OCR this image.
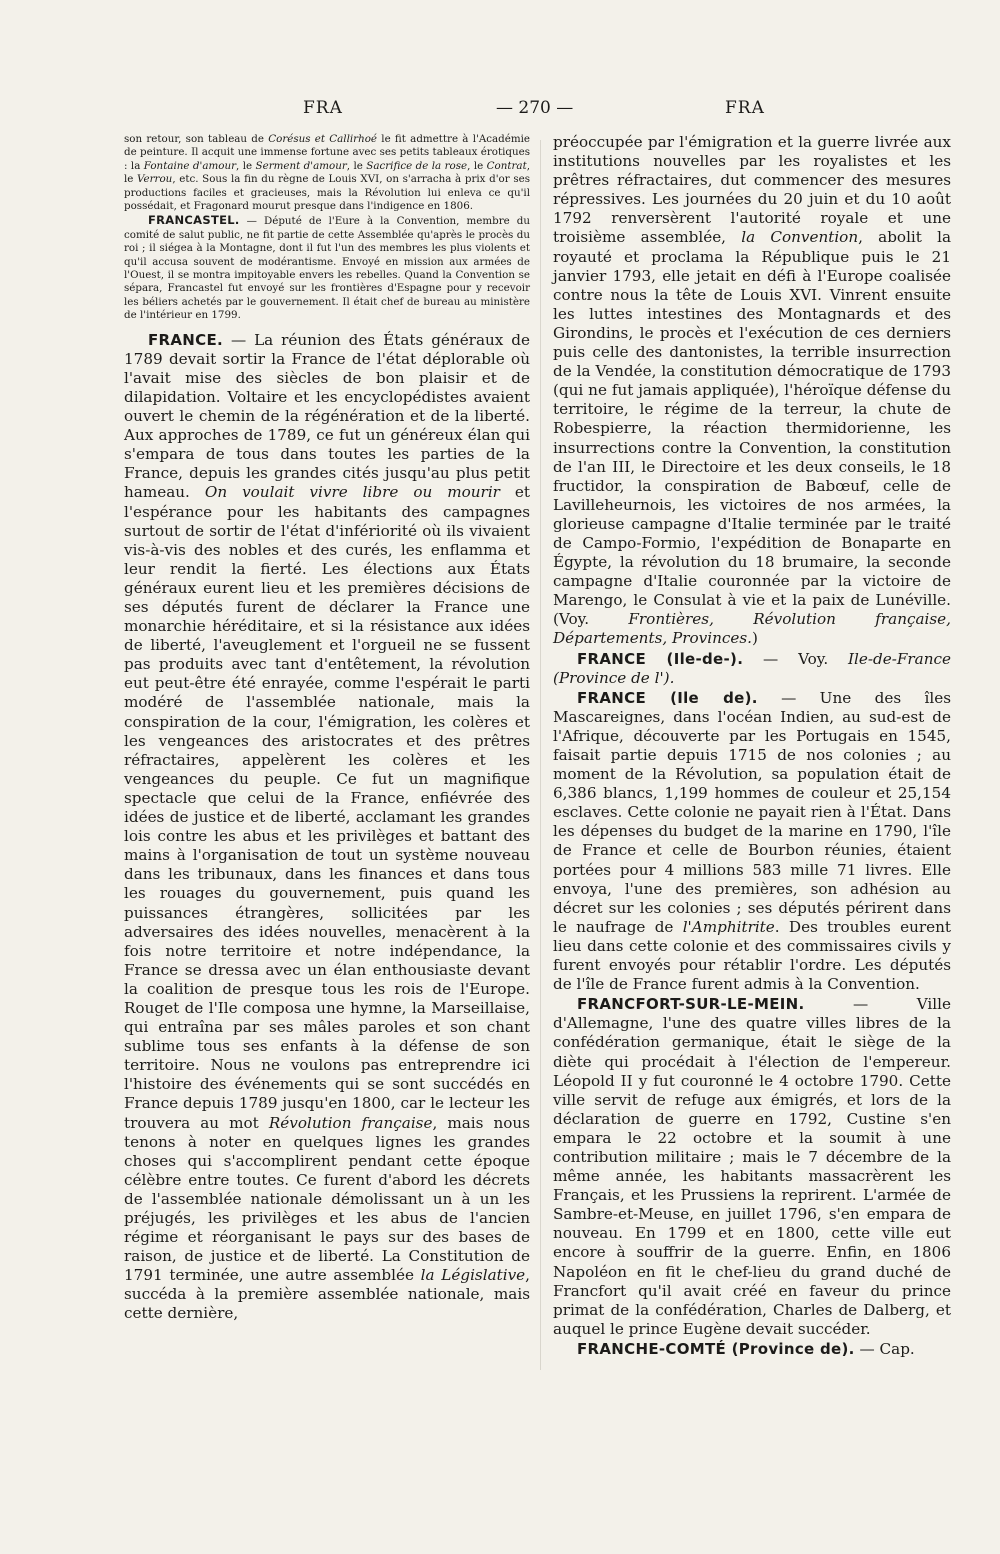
FRA	— 270 —	FRA

son retour, son tableau de Corésus et Callirhoé le fit admettre à l'Académie de peinture. Il acquit une immense fortune avec ses petits tableaux érotiques : la Fontaine d'amour, le Serment d'amour, le Sacrifice de la rose, le Contrat, le Verrou, etc. Sous la fin du règne de Louis XVI, on s'arracha à prix d'or ses productions faciles et gracieuses, mais la Révolution lui enleva ce qu'il possédait, et Fragonard mourut presque dans l'indigence en 1806.

FRANCASTEL. — Député de l'Eure à la Convention, membre du comité de salut public, ne fit partie de cette Assemblée qu'après le procès du roi ; il siégea à la Montagne, dont il fut l'un des membres les plus violents et qu'il accusa souvent de modérantisme. Envoyé en mission aux armées de l'Ouest, il se montra impitoyable envers les rebelles. Quand la Convention se sépara, Francastel fut envoyé sur les frontières d'Espagne pour y recevoir les béliers achetés par le gouvernement. Il était chef de bureau au ministère de l'intérieur en 1799.

FRANCE. — La réunion des États généraux de 1789 devait sortir la France de l'état déplorable où l'avait mise des siècles de bon plaisir et de dilapidation. Voltaire et les encyclopédistes avaient ouvert le chemin de la régénération et de la liberté. Aux approches de 1789, ce fut un généreux élan qui s'empara de tous dans toutes les parties de la France, depuis les grandes cités jusqu'au plus petit hameau. On voulait vivre libre ou mourir et l'espérance pour les habitants des campagnes surtout de sortir de l'état d'infériorité où ils vivaient vis-à-vis des nobles et des curés, les enflamma et leur rendit la fierté. Les élections aux États généraux eurent lieu et les premières décisions de ses députés furent de déclarer la France une monarchie héréditaire, et si la résistance aux idées de liberté, l'aveuglement et l'orgueil ne se fussent pas produits avec tant d'entêtement, la révolution eut peut-être été enrayée, comme l'espérait le parti modéré de l'assemblée nationale, mais la conspiration de la cour, l'émigration, les colères et les vengeances des aristocrates et des prêtres réfractaires, appelèrent les colères et les vengeances du peuple. Ce fut un magnifique spectacle que celui de la France, enfiévrée des idées de justice et de liberté, acclamant les grandes lois contre les abus et les privilèges et battant des mains à l'organisation de tout un système nouveau dans les tribunaux, dans les finances et dans tous les rouages du gouvernement, puis quand les puissances étrangères, sollicitées par les adversaires des idées nouvelles, menacèrent à la fois notre territoire et notre indépendance, la France se dressa avec un élan enthousiaste devant la coalition de presque tous les rois de l'Europe. Rouget de l'Ile composa une hymne, la Marseillaise, qui entraîna par ses mâles paroles et son chant sublime tous ses enfants à la défense de son territoire. Nous ne voulons pas entreprendre ici l'histoire des événements qui se sont succédés en France depuis 1789 jusqu'en 1800, car le lecteur les trouvera au mot Révolution française, mais nous tenons à noter en quelques lignes les grandes choses qui s'accomplirent pendant cette époque célèbre entre toutes. Ce furent d'abord les décrets de l'assemblée nationale démolissant un à un les préjugés, les privilèges et les abus de l'ancien régime et réorganisant le pays sur des bases de raison, de justice et de liberté. La Constitution de 1791 terminée, une autre assemblée la Législative, succéda à la première assemblée nationale, mais cette dernière,

préoccupée par l'émigration et la guerre livrée aux institutions nouvelles par les royalistes et les prêtres réfractaires, dut commencer des mesures répressives. Les journées du 20 juin et du 10 août 1792 renversèrent l'autorité royale et une troisième assemblée, la Convention, abolit la royauté et proclama la République puis le 21 janvier 1793, elle jetait en défi à l'Europe coalisée contre nous la tête de Louis XVI. Vinrent ensuite les luttes intestines des Montagnards et des Girondins, le procès et l'exécution de ces derniers puis celle des dantonistes, la terrible insurrection de la Vendée, la constitution démocratique de 1793 (qui ne fut jamais appliquée), l'héroïque défense du territoire, le régime de la terreur, la chute de Robespierre, la réaction thermidorienne, les insurrections contre la Convention, la constitution de l'an III, le Directoire et les deux conseils, le 18 fructidor, la conspiration de Babœuf, celle de Lavilleheurnois, les victoires de nos armées, la glorieuse campagne d'Italie terminée par le traité de Campo-Formio, l'expédition de Bonaparte en Égypte, la révolution du 18 brumaire, la seconde campagne d'Italie couronnée par la victoire de Marengo, le Consulat à vie et la paix de Lunéville. (Voy. Frontières, Révolution française, Départements, Provinces.)

FRANCE (Ile-de-). — Voy. Ile-de-France (Province de l').

FRANCE (Ile de). — Une des îles Mascareignes, dans l'océan Indien, au sud-est de l'Afrique, découverte par les Portugais en 1545, faisait partie depuis 1715 de nos colonies ; au moment de la Révolution, sa population était de 6,386 blancs, 1,199 hommes de couleur et 25,154 esclaves. Cette colonie ne payait rien à l'État. Dans les dépenses du budget de la marine en 1790, l'île de France et celle de Bourbon réunies, étaient portées pour 4 millions 583 mille 71 livres. Elle envoya, l'une des premières, son adhésion au décret sur les colonies ; ses députés périrent dans le naufrage de l'Amphitrite. Des troubles eurent lieu dans cette colonie et des commissaires civils y furent envoyés pour rétablir l'ordre. Les députés de l'île de France furent admis à la Convention.

FRANCFORT-SUR-LE-MEIN. — Ville d'Allemagne, l'une des quatre villes libres de la confédération germanique, était le siège de la diète qui procédait à l'élection de l'empereur. Léopold II y fut couronné le 4 octobre 1790. Cette ville servit de refuge aux émigrés, et lors de la déclaration de guerre en 1792, Custine s'en empara le 22 octobre et la soumit à une contribution militaire ; mais le 7 décembre de la même année, les habitants massacrèrent les Français, et les Prussiens la reprirent. L'armée de Sambre-et-Meuse, en juillet 1796, s'en empara de nouveau. En 1799 et en 1800, cette ville eut encore à souffrir de la guerre. Enfin, en 1806 Napoléon en fit le chef-lieu du grand duché de Francfort qu'il avait créé en faveur du prince primat de la confédération, Charles de Dalberg, et auquel le prince Eugène devait succéder.

FRANCHE-COMTÉ (Province de). — Cap.
